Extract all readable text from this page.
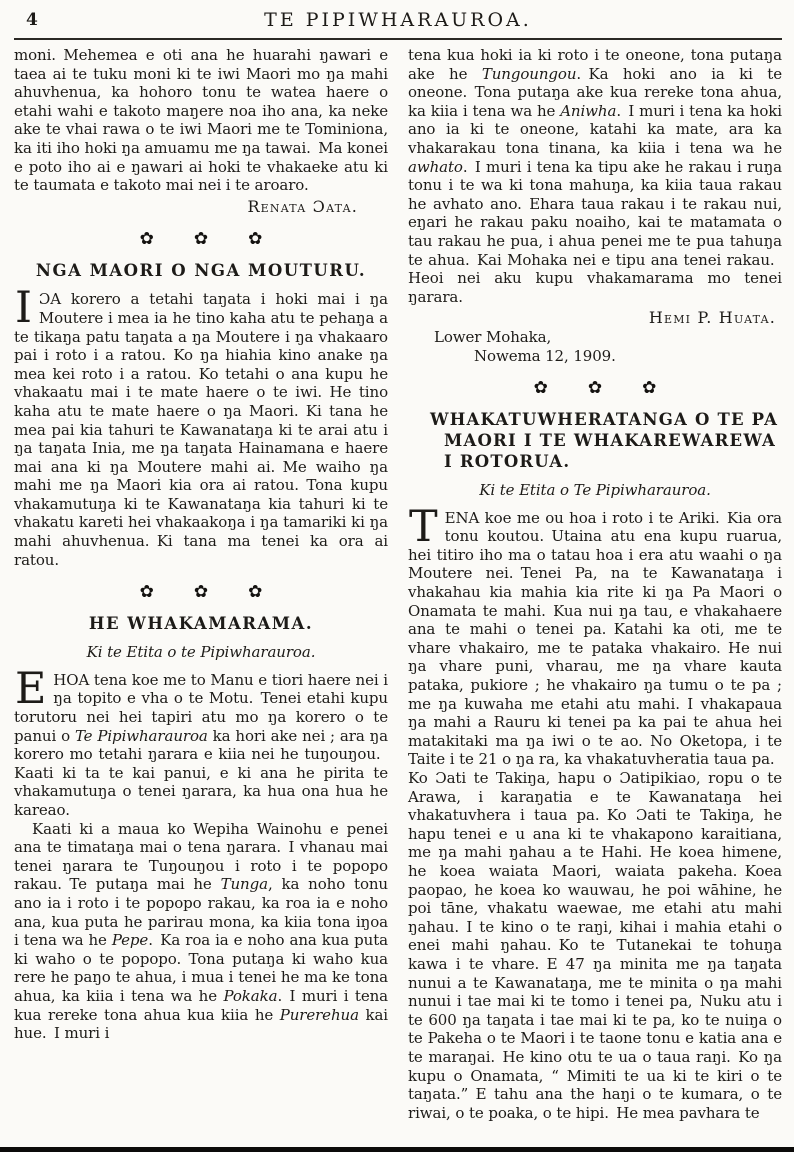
4	TE PIPIWHARAUROA.

moni. Mehemea e oti ana he huarahi ŋawari e taea ai te tuku moni ki te iwi Maori mo ŋa mahi ahuvhenua, ka hohoro tonu te watea haere o etahi wahi e takoto maŋere noa iho ana, ka neke ake te vhai rawa o te iwi Maori me te Tominiona, ka iti iho hoki ŋa amuamu me ŋa tawai. Ma konei e poto iho ai e ŋawari ai hoki te vhakaeke atu ki te taumata e takoto mai nei i te aroaro.

Renata Ɔata.

✿ ✿ ✿
NGA MAORI O NGA MOUTURU.

IƆA korero a tetahi taŋata i hoki mai i ŋa Moutere i mea ia he tino kaha atu te pehaŋa a te tikaŋa patu taŋata a ŋa Moutere i ŋa vhakaaro pai i roto i a ratou. Ko ŋa hiahia kino anake ŋa mea kei roto i a ratou. Ko tetahi o ana kupu he vhakaatu mai i te mate haere o te iwi. He tino kaha atu te mate haere o ŋa Maori. Ki tana he mea pai kia tahuri te Kawanataŋa ki te arai atu i ŋa taŋata Inia, me ŋa taŋata Hainamana e haere mai ana ki ŋa Moutere mahi ai. Me waiho ŋa mahi me ŋa Maori kia ora ai ratou. Tona kupu vhakamutuŋa ki te Kawanataŋa kia tahuri ki te vhakatu kareti hei vhakaakoŋa i ŋa tamariki ki ŋa mahi ahuvhenua. Ki tana ma tenei ka ora ai ratou.

✿ ✿ ✿
HE WHAKAMARAMA.

Ki te Etita o te Pipiwharauroa.

EHOA tena koe me to Manu e tiori haere nei i ŋa topito e vha o te Motu. Tenei etahi kupu torutoru nei hei tapiri atu mo ŋa korero o te panui o Te Pipiwharauroa ka hori ake nei ; ara ŋa korero mo tetahi ŋarara e kiia nei he tuŋouŋou. Kaati ki ta te kai panui, e ki ana he pirita te vhakamutuŋa o tenei ŋarara, ka hua ona hua he kareao.

Kaati ki a maua ko Wepiha Wainohu e penei ana te timataŋa mai o tena ŋarara. I vhanau mai tenei ŋarara te Tuŋouŋou i roto i te popopo rakau. Te putaŋa mai he Tunga, ka noho tonu ano ia i roto i te popopo rakau, ka roa ia e noho ana, kua puta he parirau mona, ka kiia tona iŋoa i tena wa he Pepe. Ka roa ia e noho ana kua puta ki waho o te popopo. Tona putaŋa ki waho kua rere he paŋo te ahua, i mua i tenei he ma ke tona ahua, ka kiia i tena wa he Pokaka. I muri i tena kua rereke tona ahua kua kiia he Purerehua kai hue. I muri i

tena kua hoki ia ki roto i te oneone, tona putaŋa ake he Tungoungou. Ka hoki ano ia ki te oneone. Tona putaŋa ake kua rereke tona ahua, ka kiia i tena wa he Aniwha. I muri i tena ka hoki ano ia ki te oneone, katahi ka mate, ara ka vhakarakau tona tinana, ka kiia i tena wa he awhato. I muri i tena ka tipu ake he rakau i ruŋa tonu i te wa ki tona mahuŋa, ka kiia taua rakau he avhato ano. Ehara taua rakau i te rakau nui, eŋari he rakau paku noaiho, kai te matamata o tau rakau he pua, i ahua penei me te pua tahuŋa te ahua. Kai Mohaka nei e tipu ana tenei rakau. Heoi nei aku kupu vhakamarama mo tenei ŋarara.

Hemi P. Huata.

Lower Mohaka,

Nowema 12, 1909.

✿ ✿ ✿
WHAKATUWHERATANGA O TE PA
MAORI I TE WHAKAREWAREWA
I ROTORUA.

Ki te Etita o Te Pipiwharauroa.

TENA koe me ou hoa i roto i te Ariki. Kia ora tonu koutou. Utaina atu ena kupu ruarua, hei titiro iho ma o tatau hoa i era atu waahi o ŋa Moutere nei. Tenei Pa, na te Kawanataŋa i vhakahau kia mahia kia rite ki ŋa Pa Maori o Onamata te mahi. Kua nui ŋa tau, e vhakahaere ana te mahi o tenei pa. Katahi ka oti, me te vhare vhakairo, me te pataka vhakairo. He nui ŋa vhare puni, vharau, me ŋa vhare kauta pataka, pukiore ; he vhakairo ŋa tumu o te pa ; me ŋa kuwaha me etahi atu mahi. I vhakapaua ŋa mahi a Rauru ki tenei pa ka pai te ahua hei matakitaki ma ŋa iwi o te ao. No Oketopa, i te Taite i te 21 o ŋa ra, ka vhakatuvheratia taua pa. Ko Ɔati te Takiŋa, hapu o Ɔatipikiao, ropu o te Arawa, i karaŋatia e te Kawanataŋa hei vhakatuvhera i taua pa. Ko Ɔati te Takiŋa, he hapu tenei e u ana ki te vhakapono karaitiana, me ŋa mahi ŋahau a te Hahi. He koea himene, he koea waiata Maori, waiata pakeha. Koea paopao, he koea ko wauwau, he poi wāhine, he poi tāne, vhakatu waewae, me etahi atu mahi ŋahau. I te kino o te raŋi, kihai i mahia etahi o enei mahi ŋahau. Ko te Tutanekai te tohuŋa kawa i te vhare. E 47 ŋa minita me ŋa taŋata nunui a te Kawanataŋa, me te minita o ŋa mahi nunui i tae mai ki te tomo i tenei pa, Nuku atu i te 600 ŋa taŋata i tae mai ki te pa, ko te nuiŋa o te Pakeha o te Maori i te taone tonu e katia ana e te maraŋai. He kino otu te ua o taua raŋi. Ko ŋa kupu o Onamata, “ Mimiti te ua ki te kiri o te taŋata.” E tahu ana the haŋi o te kumara, o te riwai, o te poaka, o te hipi. He mea pavhara te
